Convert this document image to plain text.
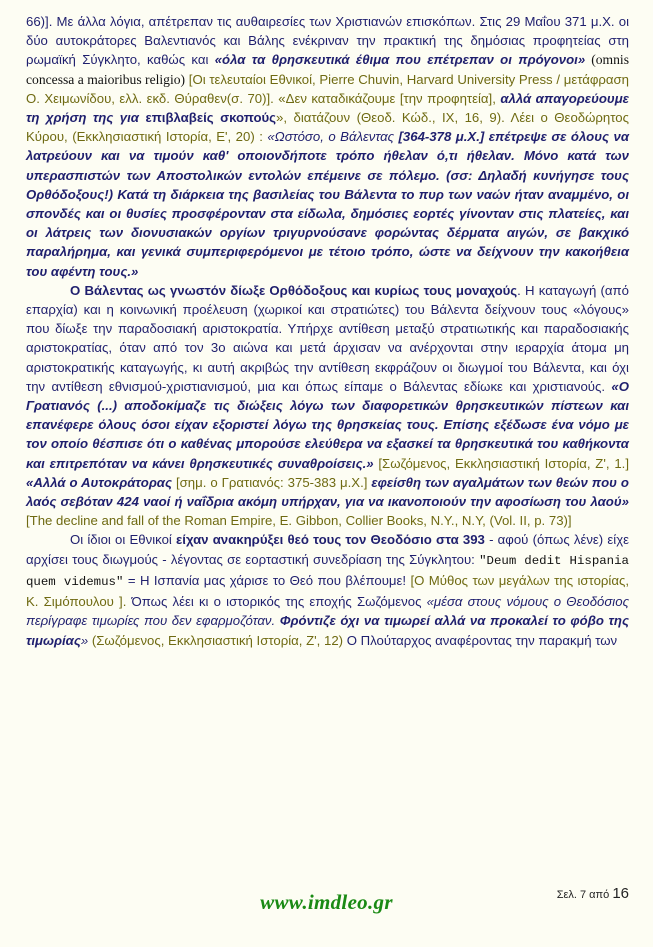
66)]. Με άλλα λόγια, απέτρεπαν τις αυθαιρεσίες των Χριστιανών επισκόπων. Στις 29 Μαΐου 371 μ.Χ. οι δύο αυτοκράτορες Βαλεντιανός και Βάλης ενέκριναν την πρακτική της δημόσιας προφητείας στη ρωμαϊκή Σύγκλητο, καθώς και «όλα τα θρησκευτικά έθιμα που επέτρεπαν οι πρόγονοι» (omnis concessa a maioribus religio) [Οι τελευταίοι Εθνικοί, Pierre Chuvin, Harvard University Press / μετάφραση Ο. Χειμωνίδου, ελλ. εκδ. Θύραθεν(σ. 70)]. «Δεν καταδικάζουμε [την προφητεία], αλλά απαγορεύουμε τη χρήση της για επιβλαβείς σκοπούς», διατάζουν (Θεοδ. Κώδ., IX, 16, 9). Λέει ο Θεοδώρητος Κύρου, (Εκκλησιαστική Ιστορία, Ε', 20) : «Ωστόσο, ο Βάλεντας [364-378 μ.Χ.] επέτρεψε σε όλους να λατρεύουν και να τιμούν καθ' οποιονδήποτε τρόπο ήθελαν ό,τι ήθελαν. Μόνο κατά των υπερασπιστών των Αποστολικών εντολών επέμεινε σε πόλεμο. (σσ: Δηλαδή κυνήγησε τους Ορθόδοξους!) Κατά τη διάρκεια της βασιλείας του Βάλεντα το πυρ των ναών ήταν αναμμένο, οι σπονδές και οι θυσίες προσφέρονταν στα είδωλα, δημόσιες εορτές γίνονταν στις πλατείες, και οι λάτρεις των διονυσιακών οργίων τριγυρνούσανε φορώντας δέρματα αιγών, σε βακχικό παραλήρημα, και γενικά συμπεριφερόμενοι με τέτοιο τρόπο, ώστε να δείχνουν την κακοήθεια του αφέντη τους.»

Ο Βάλεντας ως γνωστόν δίωξε Ορθόδοξους και κυρίως τους μοναχούς. Η καταγωγή (από επαρχία) και η κοινωνική προέλευση (χωρικοί και στρατιώτες) του Βάλεντα δείχνουν τους «λόγους» που δίωξε την παραδοσιακή αριστοκρατία. Υπήρχε αντίθεση μεταξύ στρατιωτικής και παραδοσιακής αριστοκρατίας, όταν από τον 3ο αιώνα και μετά άρχισαν να ανέρχονται στην ιεραρχία άτομα μη αριστοκρατικής καταγωγής, κι αυτή ακριβώς την αντίθεση εκφράζουν οι διωγμοί του Βάλεντα, και όχι την αντίθεση εθνισμού-χριστιανισμού, μια και όπως είπαμε ο Βάλεντας εδίωκε και χριστιανούς. «Ο Γρατιανός (...) αποδοκίμαζε τις διώξεις λόγω των διαφορετικών θρησκευτικών πίστεων και επανέφερε όλους όσοι είχαν εξοριστεί λόγω της θρησκείας τους. Επίσης εξέδωσε ένα νόμο με τον οποίο θέσπισε ότι ο καθένας μπορούσε ελεύθερα να εξασκεί τα θρησκευτικά του καθήκοντα και επιτρεπόταν να κάνει θρησκευτικές συναθροίσεις.» [Σωζόμενος, Εκκλησιαστική Ιστορία, Ζ', 1.] «Αλλά ο Αυτοκράτορας [σημ. ο Γρατιανός: 375-383 μ.Χ.] εφείσθη των αγαλμάτων των θεών που ο λαός σεβόταν 424 ναοί ή ναΐδρια ακόμη υπήρχαν, για να ικανοποιούν την αφοσίωση του λαού» [The decline and fall of the Roman Empire, E. Gibbon, Collier Books, N.Y., N.Y, (Vol. II, p. 73)]

Οι ίδιοι οι Εθνικοί είχαν ανακηρύξει θεό τους τον Θεοδόσιο στα 393 - αφού (όπως λένε) είχε αρχίσει τους διωγμούς - λέγοντας σε εορταστική συνεδρίαση της Σύγκλητου: "Deum dedit Hispania quem videmus" = Η Ισπανία μας χάρισε το Θεό που βλέπουμε! [Ο Μύθος των μεγάλων της ιστορίας, Κ. Σιμόπουλου ]. Όπως λέει κι ο ιστορικός της εποχής Σωζόμενος «μέσα στους νόμους ο Θεοδόσιος περίγραφε τιμωρίες που δεν εφαρμοζόταν. Φρόντιζε όχι να τιμωρεί αλλά να προκαλεί το φόβο της τιμωρίας» (Σωζόμενος, Εκκλησιαστική Ιστορία, Ζ', 12) Ο Πλούταρχος αναφέροντας την παρακμή των

Σελ. 7 από 16
www.imdleo.gr
